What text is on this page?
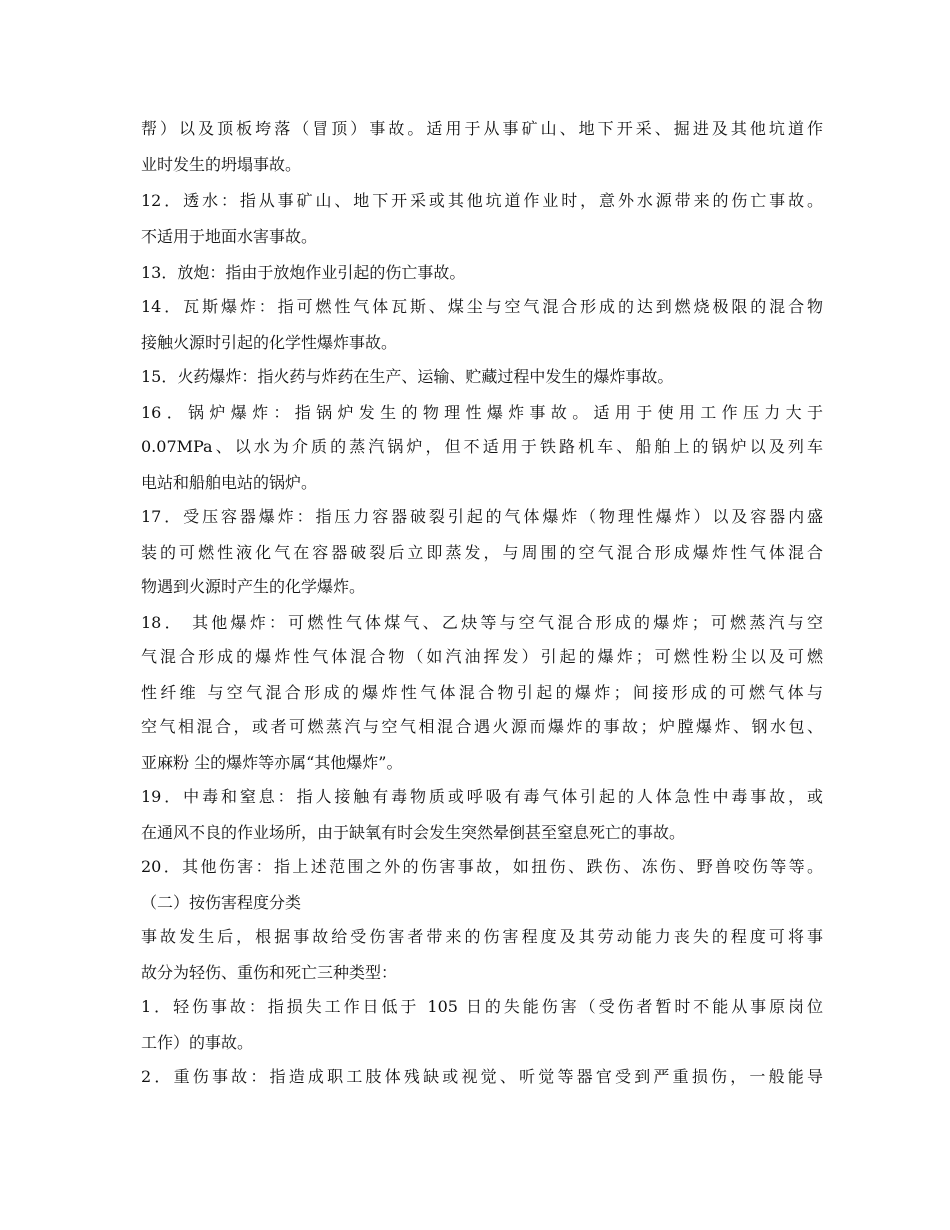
帮）以及顶板垮落（冒顶）事故。适用于从事矿山、地下开采、掘进及其他坑道作
业时发生的坍塌事故。
12．透水：指从事矿山、地下开采或其他坑道作业时，意外水源带来的伤亡事故。
不适用于地面水害事故。
13．放炮：指由于放炮作业引起的伤亡事故。
14．瓦斯爆炸：指可燃性气体瓦斯、煤尘与空气混合形成的达到燃烧极限的混合物
接触火源时引起的化学性爆炸事故。
15．火药爆炸：指火药与炸药在生产、运输、贮藏过程中发生的爆炸事故。
16．锅炉爆炸：指锅炉发生的物理性爆炸事故。适用于使用工作压力大于
0.07MPa、以水为介质的蒸汽锅炉，但不适用于铁路机车、船舶上的锅炉以及列车
电站和船舶电站的锅炉。
17．受压容器爆炸：指压力容器破裂引起的气体爆炸（物理性爆炸）以及容器内盛
装的可燃性液化气在容器破裂后立即蒸发，与周围的空气混合形成爆炸性气体混合
物遇到火源时产生的化学爆炸。
18． 其他爆炸：可燃性气体煤气、乙炔等与空气混合形成的爆炸；可燃蒸汽与空
气混合形成的爆炸性气体混合物（如汽油挥发）引起的爆炸；可燃性粉尘以及可燃
性纤维 与空气混合形成的爆炸性气体混合物引起的爆炸；间接形成的可燃气体与
空气相混合，或者可燃蒸汽与空气相混合遇火源而爆炸的事故；炉膛爆炸、钢水包、
亚麻粉 尘的爆炸等亦属“其他爆炸”。
19．中毒和窒息：指人接触有毒物质或呼吸有毒气体引起的人体急性中毒事故，或
在通风不良的作业场所，由于缺氧有时会发生突然晕倒甚至窒息死亡的事故。
20．其他伤害：指上述范围之外的伤害事故，如扭伤、跌伤、冻伤、野兽咬伤等等。
（二）按伤害程度分类
事故发生后，根据事故给受伤害者带来的伤害程度及其劳动能力丧失的程度可将事
故分为轻伤、重伤和死亡三种类型：
1．轻伤事故：指损失工作日低于 105 日的失能伤害（受伤者暂时不能从事原岗位
工作）的事故。
2．重伤事故：指造成职工肢体残缺或视觉、听觉等器官受到严重损伤，一般能导
